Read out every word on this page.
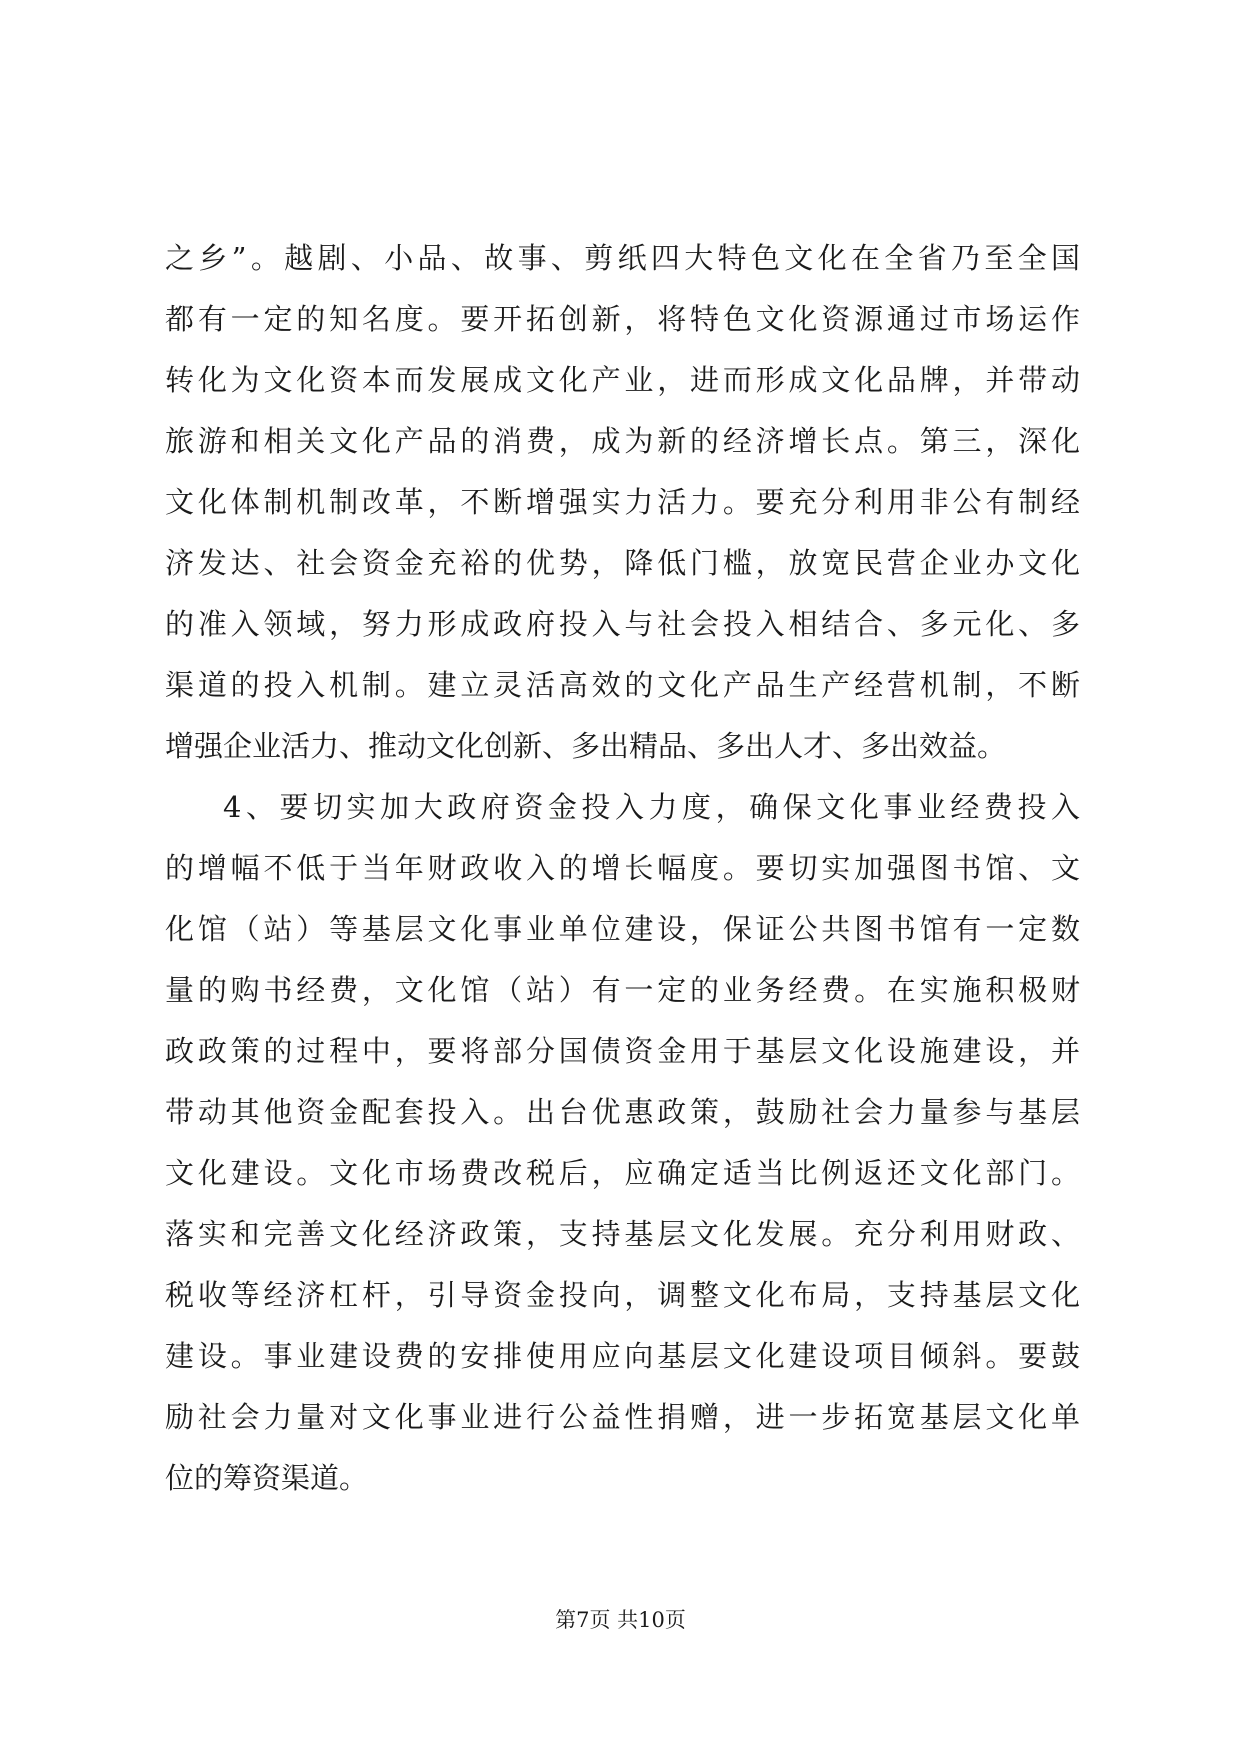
之乡”。越剧、小品、故事、剪纸四大特色文化在全省乃至全国
都有一定的知名度。要开拓创新，将特色文化资源通过市场运作
转化为文化资本而发展成文化产业，进而形成文化品牌，并带动
旅游和相关文化产品的消费，成为新的经济增长点。第三，深化
文化体制机制改革，不断增强实力活力。要充分利用非公有制经
济发达、社会资金充裕的优势，降低门槛，放宽民营企业办文化
的准入领域，努力形成政府投入与社会投入相结合、多元化、多
渠道的投入机制。建立灵活高效的文化产品生产经营机制，不断
增强企业活力、推动文化创新、多出精品、多出人才、多出效益。
4、要切实加大政府资金投入力度，确保文化事业经费投入
的增幅不低于当年财政收入的增长幅度。要切实加强图书馆、文
化馆（站）等基层文化事业单位建设，保证公共图书馆有一定数
量的购书经费，文化馆（站）有一定的业务经费。在实施积极财
政政策的过程中，要将部分国债资金用于基层文化设施建设，并
带动其他资金配套投入。出台优惠政策，鼓励社会力量参与基层
文化建设。文化市场费改税后，应确定适当比例返还文化部门。
落实和完善文化经济政策，支持基层文化发展。充分利用财政、
税收等经济杠杆，引导资金投向，调整文化布局，支持基层文化
建设。事业建设费的安排使用应向基层文化建设项目倾斜。要鼓
励社会力量对文化事业进行公益性捐赠，进一步拓宽基层文化单
位的筹资渠道。
第7页 共10页
